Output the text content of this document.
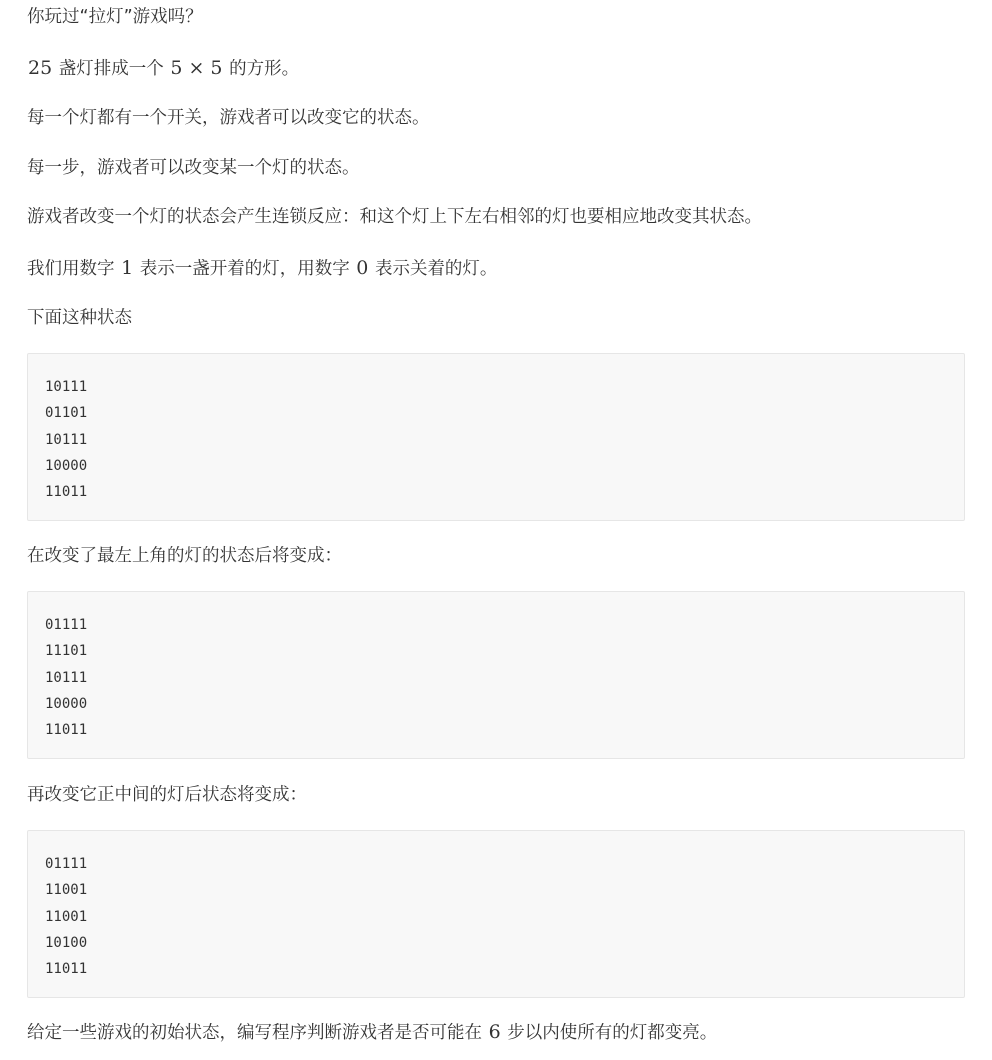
你玩过“拉灯”游戏吗？

25 盏灯排成一个 5 × 5 的方形。

每一个灯都有一个开关，游戏者可以改变它的状态。

每一步，游戏者可以改变某一个灯的状态。

游戏者改变一个灯的状态会产生连锁反应：和这个灯上下左右相邻的灯也要相应地改变其状态。

我们用数字 1 表示一盏开着的灯，用数字 0 表示关着的灯。

下面这种状态

10111
01101
10111
10000
11011

在改变了最左上角的灯的状态后将变成：

01111
11101
10111
10000
11011

再改变它正中间的灯后状态将变成：

01111
11001
11001
10100
11011

给定一些游戏的初始状态，编写程序判断游戏者是否可能在 6 步以内使所有的灯都变亮。
